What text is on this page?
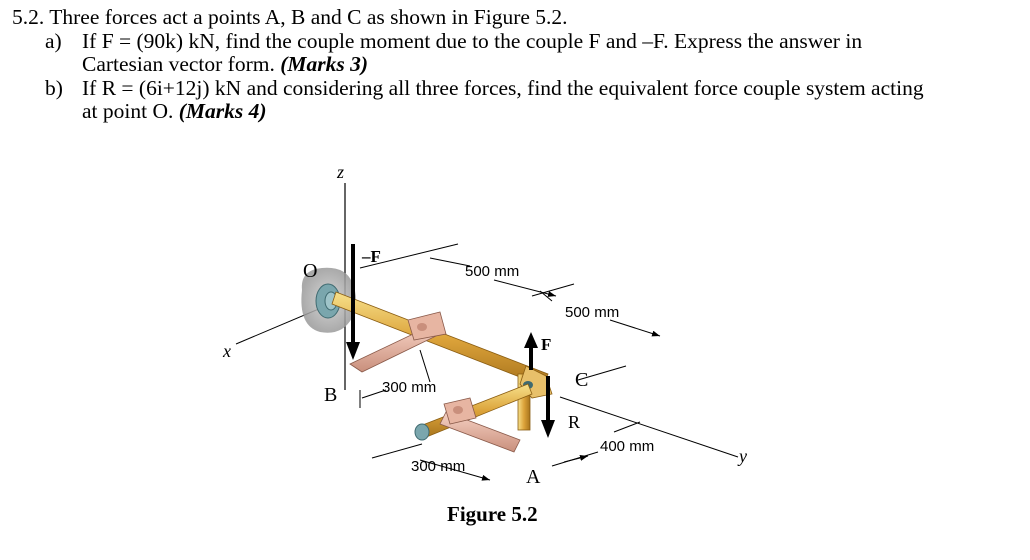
5.2. Three forces act a points A, B and C as shown in Figure 5.2.

a) If F = (90k) kN, find the couple moment due to the couple F and –F. Express the answer in
Cartesian vector form. (Marks 3)

b) If R = (6i+12j) kN and considering all three forces, find the equivalent force couple system acting
at point O. (Marks 4)

z
x
y
O
B
A
C
–F
F
R
500 mm
500 mm
300 mm
300 mm
400 mm
Figure 5.2
